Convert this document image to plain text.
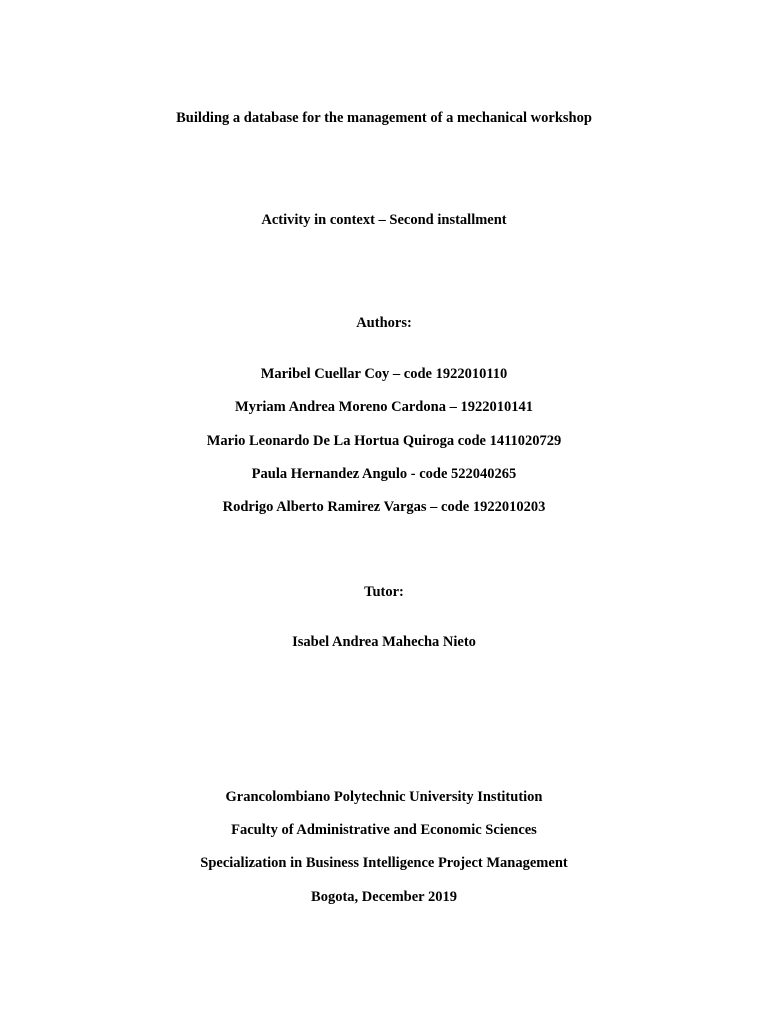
Building a database for the management of a mechanical workshop
Activity in context – Second installment
Authors:
Maribel Cuellar Coy – code 1922010110
Myriam Andrea Moreno Cardona – 1922010141
Mario Leonardo De La Hortua Quiroga code 1411020729
Paula Hernandez Angulo - code 522040265
Rodrigo Alberto Ramirez Vargas – code 1922010203
Tutor:
Isabel Andrea Mahecha Nieto
Grancolombiano Polytechnic University Institution
Faculty of Administrative and Economic Sciences
Specialization in Business Intelligence Project Management
Bogota, December 2019
